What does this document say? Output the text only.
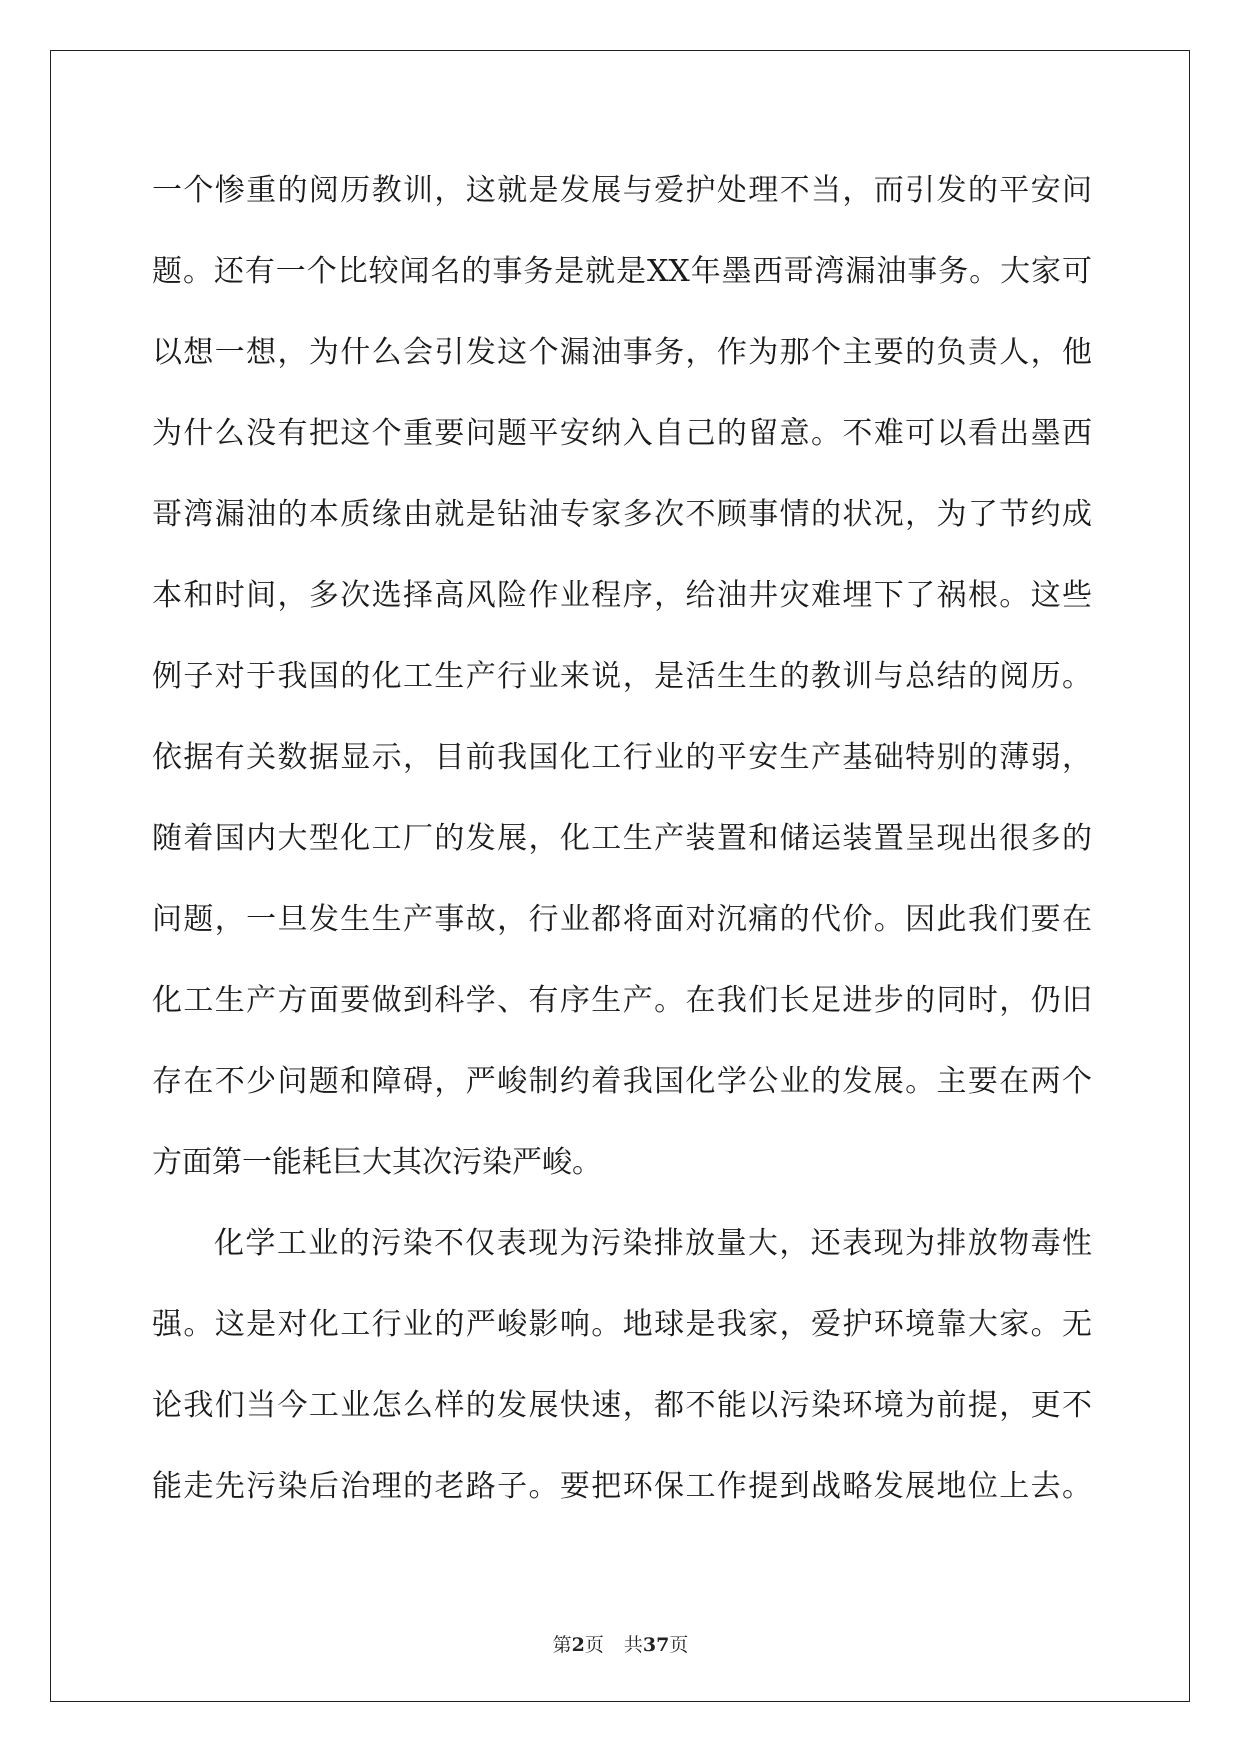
一个惨重的阅历教训，这就是发展与爱护处理不当，而引发的平安问
题。还有一个比较闻名的事务是就是XX年墨西哥湾漏油事务。大家可
以想一想，为什么会引发这个漏油事务，作为那个主要的负责人，他
为什么没有把这个重要问题平安纳入自己的留意。不难可以看出墨西
哥湾漏油的本质缘由就是钻油专家多次不顾事情的状况，为了节约成
本和时间，多次选择高风险作业程序，给油井灾难埋下了祸根。这些
例子对于我国的化工生产行业来说，是活生生的教训与总结的阅历。
依据有关数据显示，目前我国化工行业的平安生产基础特别的薄弱，
随着国内大型化工厂的发展，化工生产装置和储运装置呈现出很多的
问题，一旦发生生产事故，行业都将面对沉痛的代价。因此我们要在
化工生产方面要做到科学、有序生产。在我们长足进步的同时，仍旧
存在不少问题和障碍，严峻制约着我国化学公业的发展。主要在两个
方面第一能耗巨大其次污染严峻。
化学工业的污染不仅表现为污染排放量大，还表现为排放物毒性
强。这是对化工行业的严峻影响。地球是我家，爱护环境靠大家。无
论我们当今工业怎么样的发展快速，都不能以污染环境为前提，更不
能走先污染后治理的老路子。要把环保工作提到战略发展地位上去。
第2页 共37页
